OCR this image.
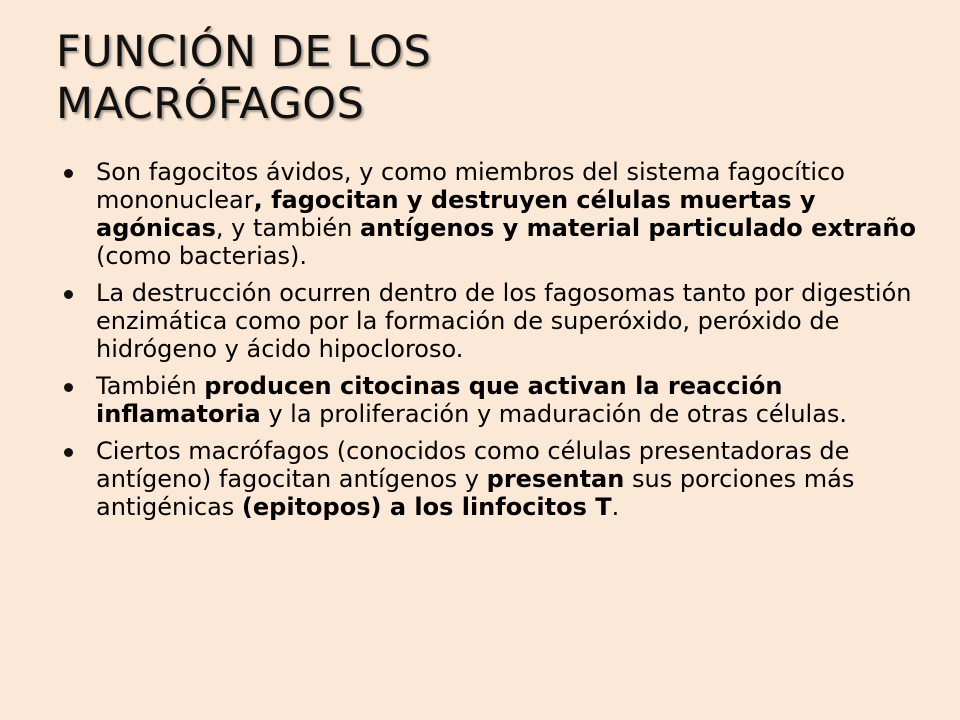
FUNCIÓN DE LOS
MACRÓFAGOS
Son fagocitos ávidos, y como miembros del sistema fagocítico mononuclear, fagocitan y destruyen células muertas y agónicas, y también antígenos y material particulado extraño (como bacterias).
La destrucción ocurren dentro de los fagosomas tanto por digestión enzimática como por la formación de superóxido, peróxido de hidrógeno y ácido hipocloroso.
También producen citocinas que activan la reacción inflamatoria y la proliferación y maduración de otras células.
Ciertos macrófagos (conocidos como células presentadoras de antígeno) fagocitan antígenos y presentan sus porciones más antigénicas (epitopos) a los linfocitos T.
